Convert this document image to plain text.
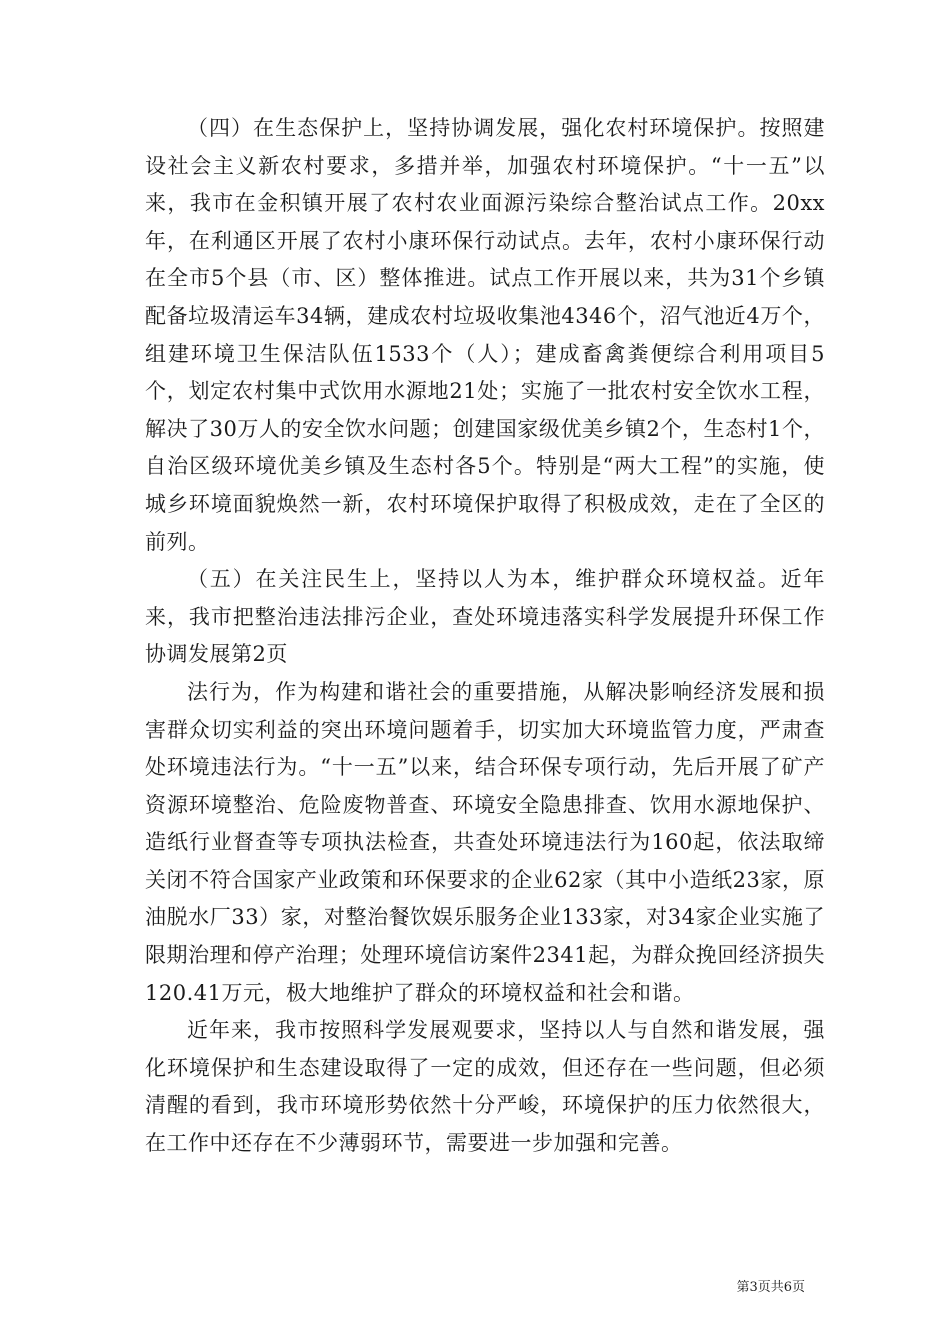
（四）在生态保护上，坚持协调发展，强化农村环境保护。按照建设社会主义新农村要求，多措并举，加强农村环境保护。“十一五”以来，我市在金积镇开展了农村农业面源污染综合整治试点工作。20xx年，在利通区开展了农村小康环保行动试点。去年，农村小康环保行动在全市5个县（市、区）整体推进。试点工作开展以来，共为31个乡镇配备垃圾清运车34辆，建成农村垃圾收集池4346个，沼气池近4万个，组建环境卫生保洁队伍1533个（人）；建成畜禽粪便综合利用项目5个，划定农村集中式饮用水源地21处；实施了一批农村安全饮水工程，解决了30万人的安全饮水问题；创建国家级优美乡镇2个，生态村1个，自治区级环境优美乡镇及生态村各5个。特别是“两大工程”的实施，使城乡环境面貌焕然一新，农村环境保护取得了积极成效，走在了全区的前列。

（五）在关注民生上，坚持以人为本，维护群众环境权益。近年来，我市把整治违法排污企业，查处环境违落实科学发展提升环保工作协调发展第2页

法行为，作为构建和谐社会的重要措施，从解决影响经济发展和损害群众切实利益的突出环境问题着手，切实加大环境监管力度，严肃查处环境违法行为。“十一五”以来，结合环保专项行动，先后开展了矿产资源环境整治、危险废物普查、环境安全隐患排查、饮用水源地保护、造纸行业督查等专项执法检查，共查处环境违法行为160起，依法取缔关闭不符合国家产业政策和环保要求的企业62家（其中小造纸23家，原油脱水厂33）家，对整治餐饮娱乐服务企业133家，对34家企业实施了限期治理和停产治理；处理环境信访案件2341起，为群众挽回经济损失120.41万元，极大地维护了群众的环境权益和社会和谐。

近年来，我市按照科学发展观要求，坚持以人与自然和谐发展，强化环境保护和生态建设取得了一定的成效，但还存在一些问题，但必须清醒的看到，我市环境形势依然十分严峻，环境保护的压力依然很大，在工作中还存在不少薄弱环节，需要进一步加强和完善。

第3页共6页
